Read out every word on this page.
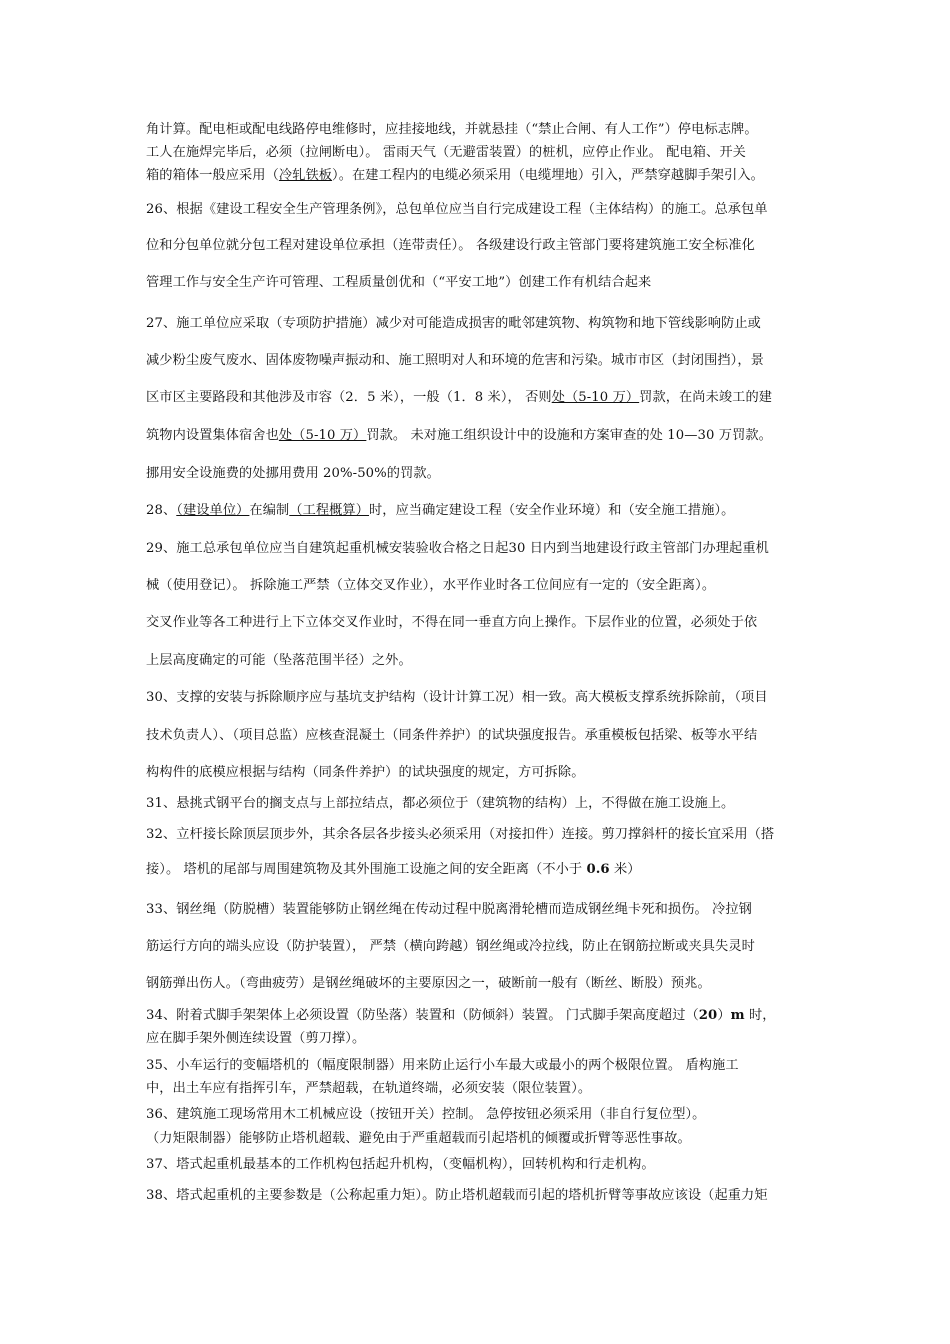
角计算。配电柜或配电线路停电维修时，应挂接地线，并就悬挂（“禁止合闸、有人工作”）停电标志牌。
工人在施焊完毕后，必须（拉闸断电）。 雷雨天气（无避雷装置）的桩机，应停止作业。 配电箱、开关
箱的箱体一般应采用（冷轧铁板）。在建工程内的电缆必须采用（电缆埋地）引入，严禁穿越脚手架引入。
26、根据《建设工程安全生产管理条例》，总包单位应当自行完成建设工程（主体结构）的施工。总承包单
位和分包单位就分包工程对建设单位承担（连带责任）。 各级建设行政主管部门要将建筑施工安全标准化
管理工作与安全生产许可管理、工程质量创优和（“平安工地”）创建工作有机结合起来
27、施工单位应采取（专项防护措施）减少对可能造成损害的毗邻建筑物、构筑物和地下管线影响防止或
减少粉尘废气废水、固体废物噪声振动和、施工照明对人和环境的危害和污染。城市市区（封闭围挡），景
区市区主要路段和其他涉及市容（2．5 米），一般（1．8 米）， 否则处（5-10 万）罚款，在尚未竣工的建
筑物内设置集体宿舍也处（5-10 万）罚款。 未对施工组织设计中的设施和方案审查的处 10—30 万罚款。
挪用安全设施费的处挪用费用 20%-50%的罚款。
28、（建设单位）在编制（工程概算）时，应当确定建设工程（安全作业环境）和（安全施工措施）。
29、施工总承包单位应当自建筑起重机械安装验收合格之日起30 日内到当地建设行政主管部门办理起重机
械（使用登记）。 拆除施工严禁（立体交叉作业），水平作业时各工位间应有一定的（安全距离）。
交叉作业等各工种进行上下立体交叉作业时，不得在同一垂直方向上操作。下层作业的位置，必须处于依
上层高度确定的可能（坠落范围半径）之外。
30、支撑的安装与拆除顺序应与基坑支护结构（设计计算工况）相一致。高大模板支撑系统拆除前，（项目
技术负责人）、（项目总监）应核查混凝土（同条件养护）的试块强度报告。承重模板包括梁、板等水平结
构构件的底模应根据与结构（同条件养护）的试块强度的规定，方可拆除。
31、悬挑式钢平台的搁支点与上部拉结点，都必须位于（建筑物的结构）上，不得做在施工设施上。
32、立杆接长除顶层顶步外，其余各层各步接头必须采用（对接扣件）连接。剪刀撑斜杆的接长宜采用（搭
接）。 塔机的尾部与周围建筑物及其外围施工设施之间的安全距离（不小于 0.6 米）
33、钢丝绳（防脱槽）装置能够防止钢丝绳在传动过程中脱离滑轮槽而造成钢丝绳卡死和损伤。 冷拉钢
筋运行方向的端头应设（防护装置）， 严禁（横向跨越）钢丝绳或冷拉线，防止在钢筋拉断或夹具失灵时
钢筋弹出伤人。（弯曲疲劳）是钢丝绳破坏的主要原因之一，破断前一般有（断丝、断股）预兆。
34、附着式脚手架架体上必须设置（防坠落）装置和（防倾斜）装置。 门式脚手架高度超过（20）m 时，
应在脚手架外侧连续设置（剪刀撑）。
35、小车运行的变幅塔机的（幅度限制器）用来防止运行小车最大或最小的两个极限位置。 盾构施工
中，出土车应有指挥引车，严禁超载，在轨道终端，必须安装（限位装置）。
36、建筑施工现场常用木工机械应设（按钮开关）控制。 急停按钮必须采用（非自行复位型）。
（力矩限制器）能够防止塔机超载、避免由于严重超载而引起塔机的倾覆或折臂等恶性事故。
37、塔式起重机最基本的工作机构包括起升机构，（变幅机构），回转机构和行走机构。
38、塔式起重机的主要参数是（公称起重力矩）。防止塔机超载而引起的塔机折臂等事故应该设（起重力矩
